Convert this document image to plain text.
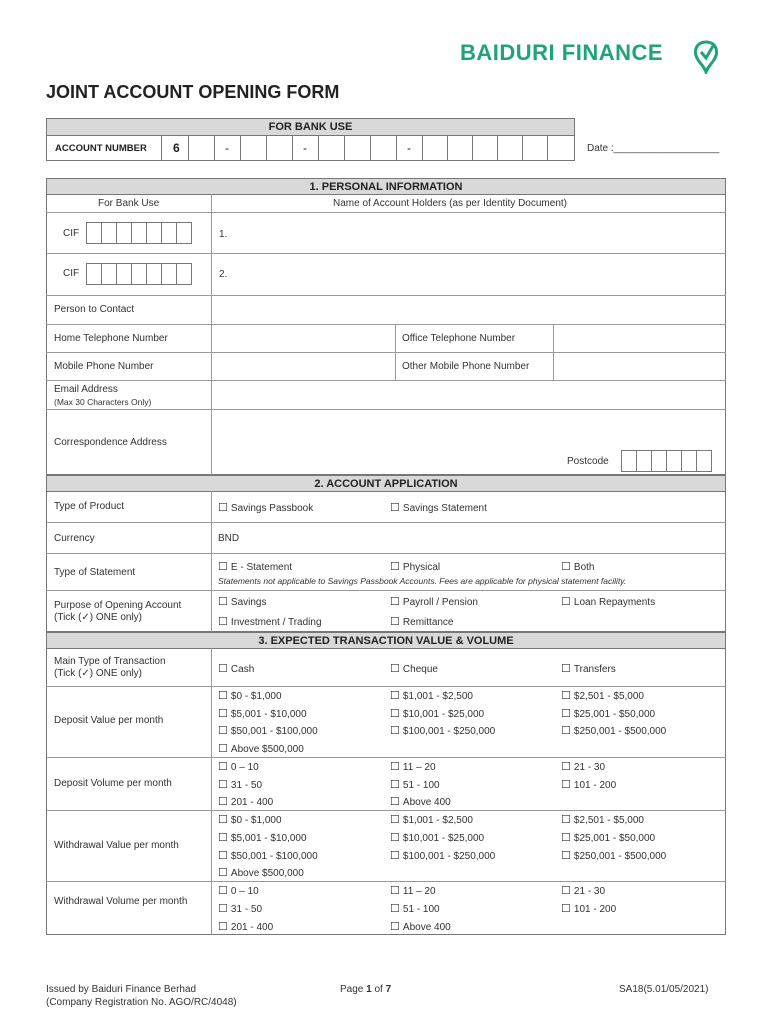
BAIDURI FINANCE
JOINT ACCOUNT OPENING FORM
FOR BANK USE
ACCOUNT NUMBER 6	-	-	-	Date :___________________
1. PERSONAL INFORMATION
For Bank Use	Name of Account Holders (as per Identity Document)
CIF	1.
CIF	2.
Person to Contact
Home Telephone Number	Office Telephone Number
Mobile Phone Number	Other Mobile Phone Number
Email Address
(Max 30 Characters Only)
Correspondence Address
Postcode
2. ACCOUNT APPLICATION
Type of Product	☐ Savings Passbook	☐ Savings Statement
Currency	BND
Type of Statement	☐ E - Statement	☐ Physical	☐ Both
Statements not applicable to Savings Passbook Accounts. Fees are applicable for physical statement facility.
Purpose of Opening Account
(Tick (✓) ONE only)
☐ Savings	☐ Payroll / Pension	☐ Loan Repayments
☐ Investment / Trading	☐ Remittance
3. EXPECTED TRANSACTION VALUE & VOLUME
Main Type of Transaction
(Tick (✓) ONE only)	☐ Cash	☐ Cheque	☐ Transfers
Deposit Value per month
☐ $0 - $1,000	☐ $1,001 - $2,500	☐ $2,501 - $5,000
☐ $5,001 - $10,000	☐ $10,001 - $25,000	☐ $25,001 - $50,000
☐ $50,001 - $100,000	☐ $100,001 - $250,000	☐ $250,001 - $500,000
☐ Above $500,000
Deposit Volume per month
☐ 0 – 10	☐ 11 – 20	☐ 21 - 30
☐ 31 - 50	☐ 51 - 100	☐ 101 - 200
☐ 201 - 400	☐ Above 400
Withdrawal Value per month
☐ $0 - $1,000	☐ $1,001 - $2,500	☐ $2,501 - $5,000
☐ $5,001 - $10,000	☐ $10,001 - $25,000	☐ $25,001 - $50,000
☐ $50,001 - $100,000	☐ $100,001 - $250,000	☐ $250,001 - $500,000
☐ Above $500,000
Withdrawal Volume per month
☐ 0 – 10	☐ 11 – 20	☐ 21 - 30
☐ 31 - 50	☐ 51 - 100	☐ 101 - 200
☐ 201 - 400	☐ Above 400
Issued by Baiduri Finance Berhad
(Company Registration No. AGO/RC/4048)
Page 1 of 7	SA18(5.01/05/2021)
